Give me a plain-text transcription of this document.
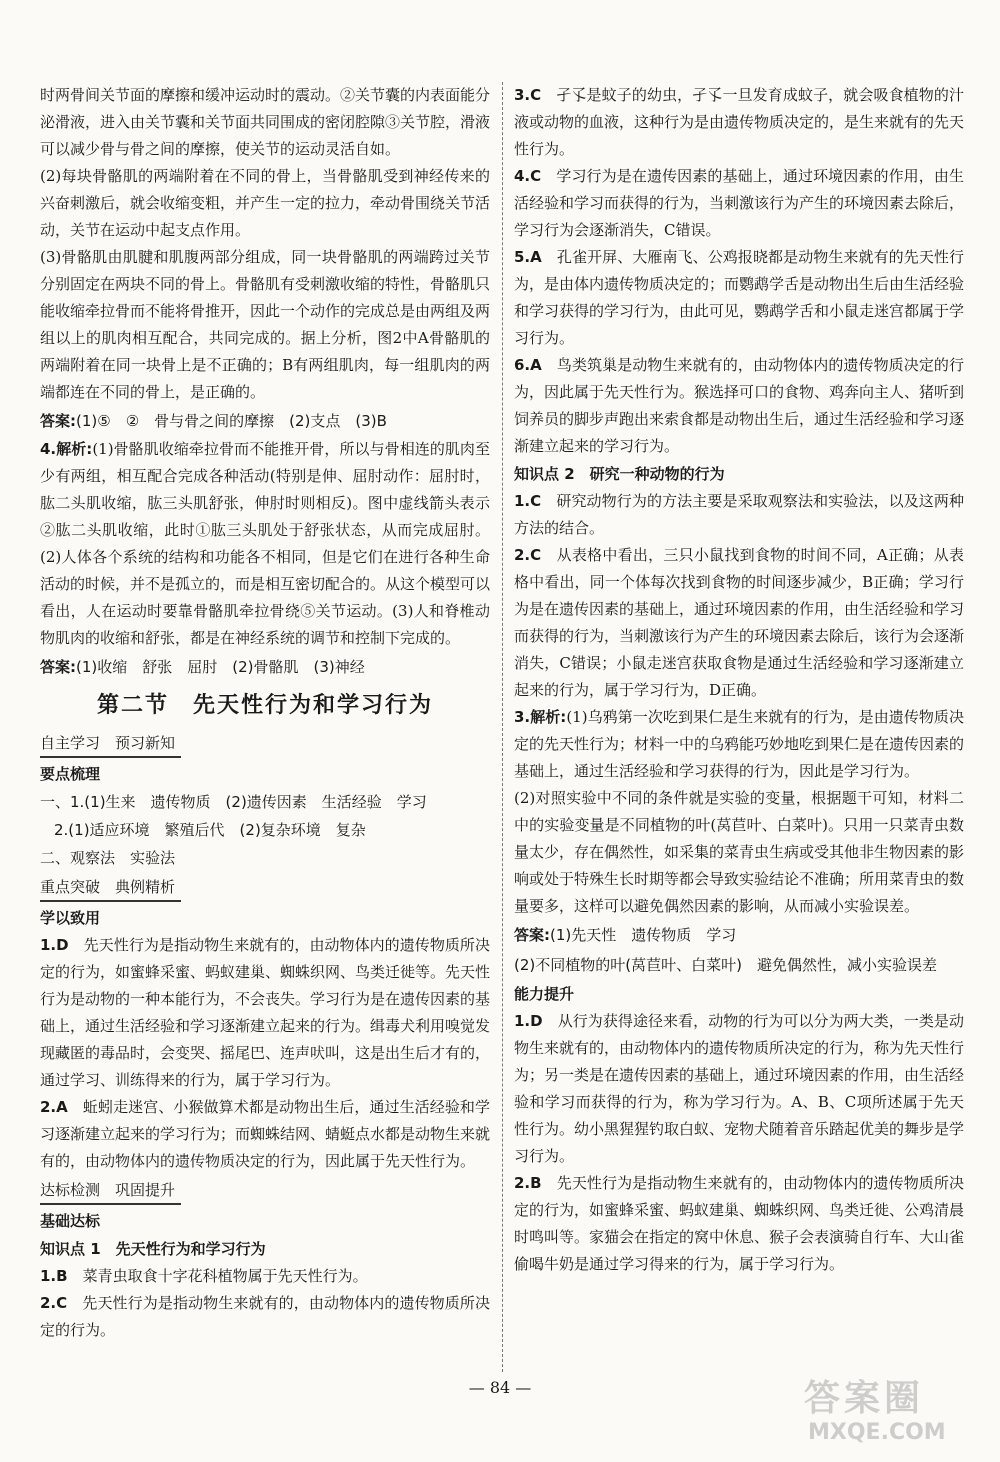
时两骨间关节面的摩擦和缓冲运动时的震动。②关节囊的内表面能分泌滑液，进入由关节囊和关节面共同围成的密闭腔隙③关节腔，滑液可以减少骨与骨之间的摩擦，使关节的运动灵活自如。

(2)每块骨骼肌的两端附着在不同的骨上，当骨骼肌受到神经传来的兴奋刺激后，就会收缩变粗，并产生一定的拉力，牵动骨围绕关节活动，关节在运动中起支点作用。

(3)骨骼肌由肌腱和肌腹两部分组成，同一块骨骼肌的两端跨过关节分别固定在两块不同的骨上。骨骼肌有受刺激收缩的特性，骨骼肌只能收缩牵拉骨而不能将骨推开，因此一个动作的完成总是由两组及两组以上的肌肉相互配合，共同完成的。据上分析，图2中A骨骼肌的两端附着在同一块骨上是不正确的；B有两组肌肉，每一组肌肉的两端都连在不同的骨上，是正确的。

答案:(1)⑤　②　骨与骨之间的摩擦　(2)支点　(3)B

4.解析:(1)骨骼肌收缩牵拉骨而不能推开骨，所以与骨相连的肌肉至少有两组，相互配合完成各种活动(特别是伸、屈肘动作：屈肘时，肱二头肌收缩，肱三头肌舒张，伸肘时则相反)。图中虚线箭头表示②肱二头肌收缩，此时①肱三头肌处于舒张状态，从而完成屈肘。(2)人体各个系统的结构和功能各不相同，但是它们在进行各种生命活动的时候，并不是孤立的，而是相互密切配合的。从这个模型可以看出，人在运动时要靠骨骼肌牵拉骨绕⑤关节运动。(3)人和脊椎动物肌肉的收缩和舒张，都是在神经系统的调节和控制下完成的。

答案:(1)收缩　舒张　屈肘　(2)骨骼肌　(3)神经

第二节　先天性行为和学习行为
自主学习　预习新知

要点梳理

一、1.(1)生来　遗传物质　(2)遗传因素　生活经验　学习

2.(1)适应环境　繁殖后代　(2)复杂环境　复杂

二、观察法　实验法

重点突破　典例精析

学以致用

1.D　 先天性行为是指动物生来就有的，由动物体内的遗传物质所决定的行为，如蜜蜂采蜜、蚂蚁建巢、蜘蛛织网、鸟类迁徙等。先天性行为是动物的一种本能行为，不会丧失。学习行为是在遗传因素的基础上，通过生活经验和学习逐渐建立起来的行为。缉毒犬利用嗅觉发现藏匿的毒品时，会变哭、摇尾巴、连声吠叫，这是出生后才有的，通过学习、训练得来的行为，属于学习行为。

2.A　 蚯蚓走迷宫、小猴做算术都是动物出生后，通过生活经验和学习逐渐建立起来的学习行为；而蜘蛛结网、蜻蜓点水都是动物生来就有的，由动物体内的遗传物质决定的行为，因此属于先天性行为。

达标检测　巩固提升

基础达标

知识点 1　先天性行为和学习行为

1.B　 菜青虫取食十字花科植物属于先天性行为。

2.C　 先天性行为是指动物生来就有的，由动物体内的遗传物质所决定的行为。

3.C　 孑孓是蚊子的幼虫，孑孓一旦发育成蚊子，就会吸食植物的汁液或动物的血液，这种行为是由遗传物质决定的，是生来就有的先天性行为。

4.C　 学习行为是在遗传因素的基础上，通过环境因素的作用，由生活经验和学习而获得的行为，当刺激该行为产生的环境因素去除后，学习行为会逐渐消失，C错误。

5.A　 孔雀开屏、大雁南飞、公鸡报晓都是动物生来就有的先天性行为，是由体内遗传物质决定的；而鹦鹉学舌是动物出生后由生活经验和学习获得的学习行为，由此可见，鹦鹉学舌和小鼠走迷宫都属于学习行为。

6.A　 鸟类筑巢是动物生来就有的，由动物体内的遗传物质决定的行为，因此属于先天性行为。猴选择可口的食物、鸡奔向主人、猪听到饲养员的脚步声跑出来索食都是动物出生后，通过生活经验和学习逐渐建立起来的学习行为。

知识点 2　研究一种动物的行为

1.C　 研究动物行为的方法主要是采取观察法和实验法，以及这两种方法的结合。

2.C　 从表格中看出，三只小鼠找到食物的时间不同，A正确；从表格中看出，同一个体每次找到食物的时间逐步减少，B正确；学习行为是在遗传因素的基础上，通过环境因素的作用，由生活经验和学习而获得的行为，当刺激该行为产生的环境因素去除后，该行为会逐渐消失，C错误；小鼠走迷宫获取食物是通过生活经验和学习逐渐建立起来的行为，属于学习行为，D正确。

3.解析:(1)乌鸦第一次吃到果仁是生来就有的行为，是由遗传物质决定的先天性行为；材料一中的乌鸦能巧妙地吃到果仁是在遗传因素的基础上，通过生活经验和学习获得的行为，因此是学习行为。

(2)对照实验中不同的条件就是实验的变量，根据题干可知，材料二中的实验变量是不同植物的叶(莴苣叶、白菜叶)。只用一只菜青虫数量太少，存在偶然性，如采集的菜青虫生病或受其他非生物因素的影响或处于特殊生长时期等都会导致实验结论不准确；所用菜青虫的数量要多，这样可以避免偶然因素的影响，从而减小实验误差。

答案:(1)先天性　遗传物质　学习

(2)不同植物的叶(莴苣叶、白菜叶)　避免偶然性，减小实验误差

能力提升

1.D　 从行为获得途径来看，动物的行为可以分为两大类，一类是动物生来就有的，由动物体内的遗传物质所决定的行为，称为先天性行为；另一类是在遗传因素的基础上，通过环境因素的作用，由生活经验和学习而获得的行为，称为学习行为。A、B、C项所述属于先天性行为。幼小黑猩猩钓取白蚁、宠物犬随着音乐踏起优美的舞步是学习行为。

2.B　 先天性行为是指动物生来就有的，由动物体内的遗传物质所决定的行为，如蜜蜂采蜜、蚂蚁建巢、蜘蛛织网、鸟类迁徙、公鸡清晨时鸣叫等。家猫会在指定的窝中休息、猴子会表演骑自行车、大山雀偷喝牛奶是通过学习得来的行为，属于学习行为。

— 84 —	答案圈
MXQE.COM
